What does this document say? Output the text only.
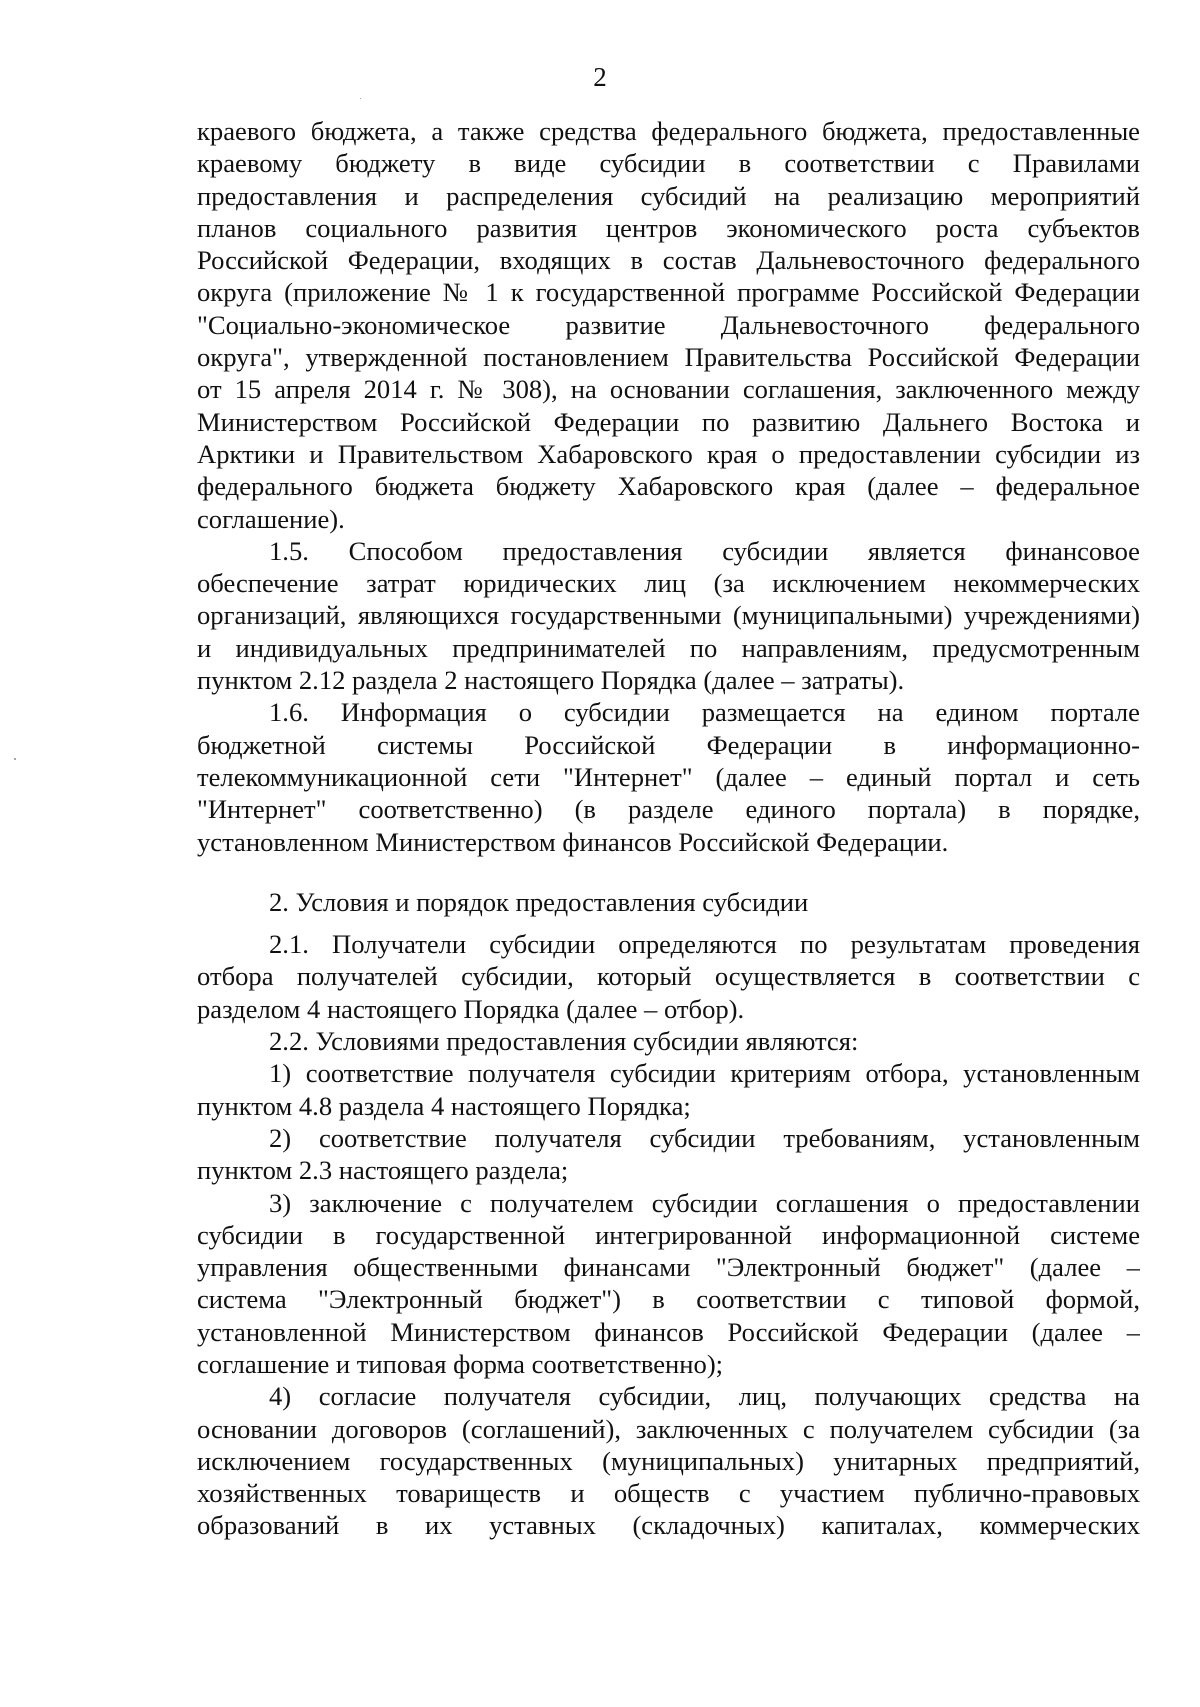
2
краевого бюджета, а также средства федерального бюджета, предоставленные
краевому бюджету в виде субсидии в соответствии с Правилами
предоставления и распределения субсидий на реализацию мероприятий
планов социального развития центров экономического роста субъектов
Российской Федерации, входящих в состав Дальневосточного федерального
округа (приложение № 1 к государственной программе Российской Федерации
"Социально-экономическое развитие Дальневосточного федерального
округа", утвержденной постановлением Правительства Российской Федерации
от 15 апреля 2014 г. № 308), на основании соглашения, заключенного между
Министерством Российской Федерации по развитию Дальнего Востока и
Арктики и Правительством Хабаровского края о предоставлении субсидии из
федерального бюджета бюджету Хабаровского края (далее – федеральное
соглашение).
1.5. Способом предоставления субсидии является финансовое
обеспечение затрат юридических лиц (за исключением некоммерческих
организаций, являющихся государственными (муниципальными) учреждениями)
и индивидуальных предпринимателей по направлениям, предусмотренным
пунктом 2.12 раздела 2 настоящего Порядка (далее – затраты).
1.6. Информация о субсидии размещается на едином портале
бюджетной системы Российской Федерации в информационно-
телекоммуникационной сети "Интернет" (далее – единый портал и сеть
"Интернет" соответственно) (в разделе единого портала) в порядке,
установленном Министерством финансов Российской Федерации.
2. Условия и порядок предоставления субсидии
2.1. Получатели субсидии определяются по результатам проведения
отбора получателей субсидии, который осуществляется в соответствии с
разделом 4 настоящего Порядка (далее – отбор).
2.2. Условиями предоставления субсидии являются:
1) соответствие получателя субсидии критериям отбора, установленным
пунктом 4.8 раздела 4 настоящего Порядка;
2) соответствие получателя субсидии требованиям, установленным
пунктом 2.3 настоящего раздела;
3) заключение с получателем субсидии соглашения о предоставлении
субсидии в государственной интегрированной информационной системе
управления общественными финансами "Электронный бюджет" (далее –
система "Электронный бюджет") в соответствии с типовой формой,
установленной Министерством финансов Российской Федерации (далее –
соглашение и типовая форма соответственно);
4) согласие получателя субсидии, лиц, получающих средства на
основании договоров (соглашений), заключенных с получателем субсидии (за
исключением государственных (муниципальных) унитарных предприятий,
хозяйственных товариществ и обществ с участием публично-правовых
образований в их уставных (складочных) капиталах, коммерческих
